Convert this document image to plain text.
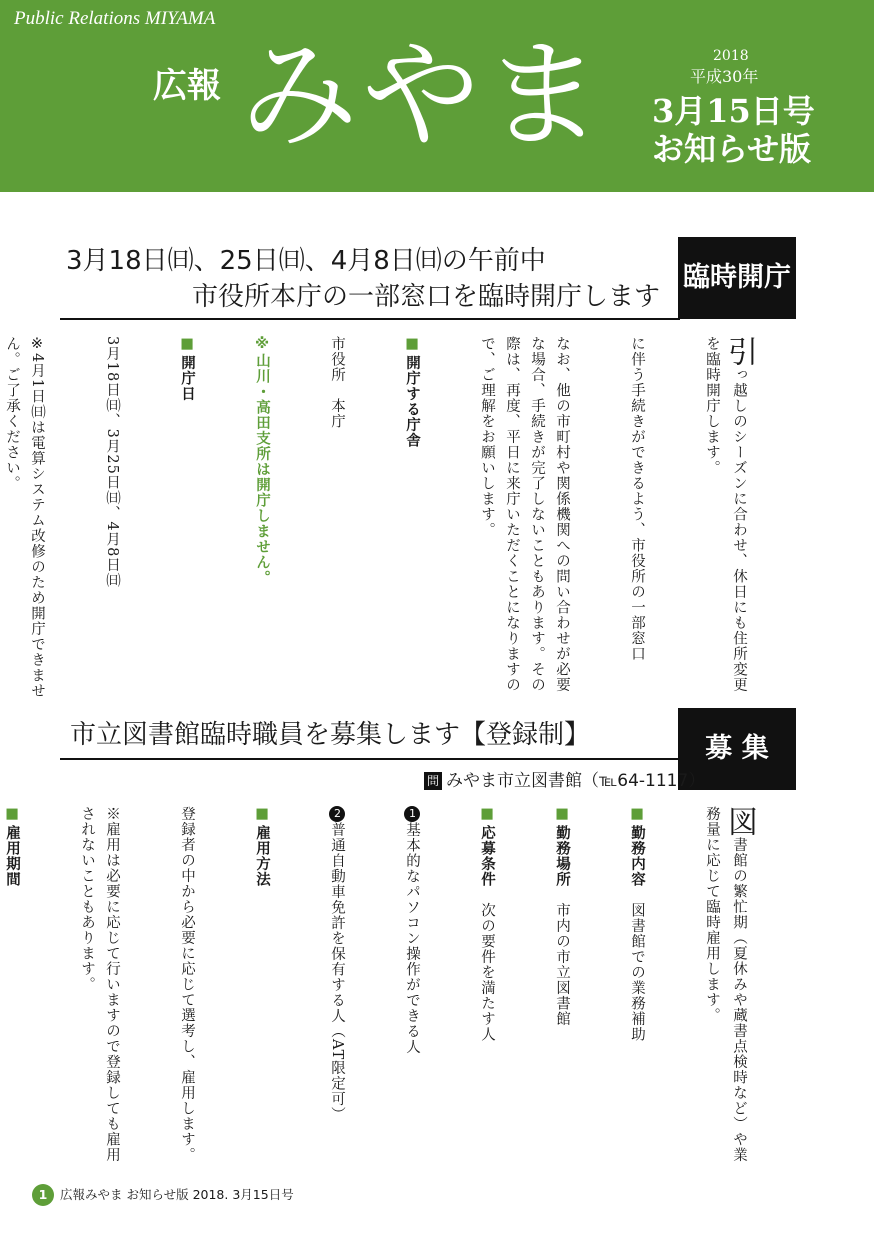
Public Relations MIYAMA
広報 みやま	2018
平成30年
3月15日号
お知らせ版
3月18日㈰、25日㈰、4月8日㈰の午前中
市役所本庁の一部窓口を臨時開庁します
臨時開庁

引っ越しのシーズンに合わせ、休日にも住所変更を臨時開庁します。

に伴う手続きができるよう、市役所の一部窓口

なお、他の市町村や関係機関への問い合わせが必要な場合、手続きが完了しないこともあります。その際は、再度、平日に来庁いただくことになりますので、ご理解をお願いします。

■ 開庁する庁舎

市役所　本庁

※山川・高田支所は開庁しません。

■ 開庁日

3月18日㈰、3月25日㈰、4月8日㈰

※4月1日㈰は電算システム改修のため開庁できません。ご了承ください。

市立図書館臨時職員を募集します【登録制】	募 集
問 みやま市立図書館（℡64-1117）

図書館の繁忙期（夏休みや蔵書点検時など）や業務量に応じて臨時雇用します。

■ 勤務内容　図書館での業務補助

■ 勤務場所　市内の市立図書館

■ 応募条件　次の要件を満たす人

1基本的なパソコン操作ができる人

2普通自動車免許を保有する人（AT限定可）

■ 雇用方法

登録者の中から必要に応じて選考し、雇用します。

※雇用は必要に応じて行いますので登録しても雇用されないこともあります。

■ 雇用期間

1 広報みやま お知らせ版 2018. 3月15日号
